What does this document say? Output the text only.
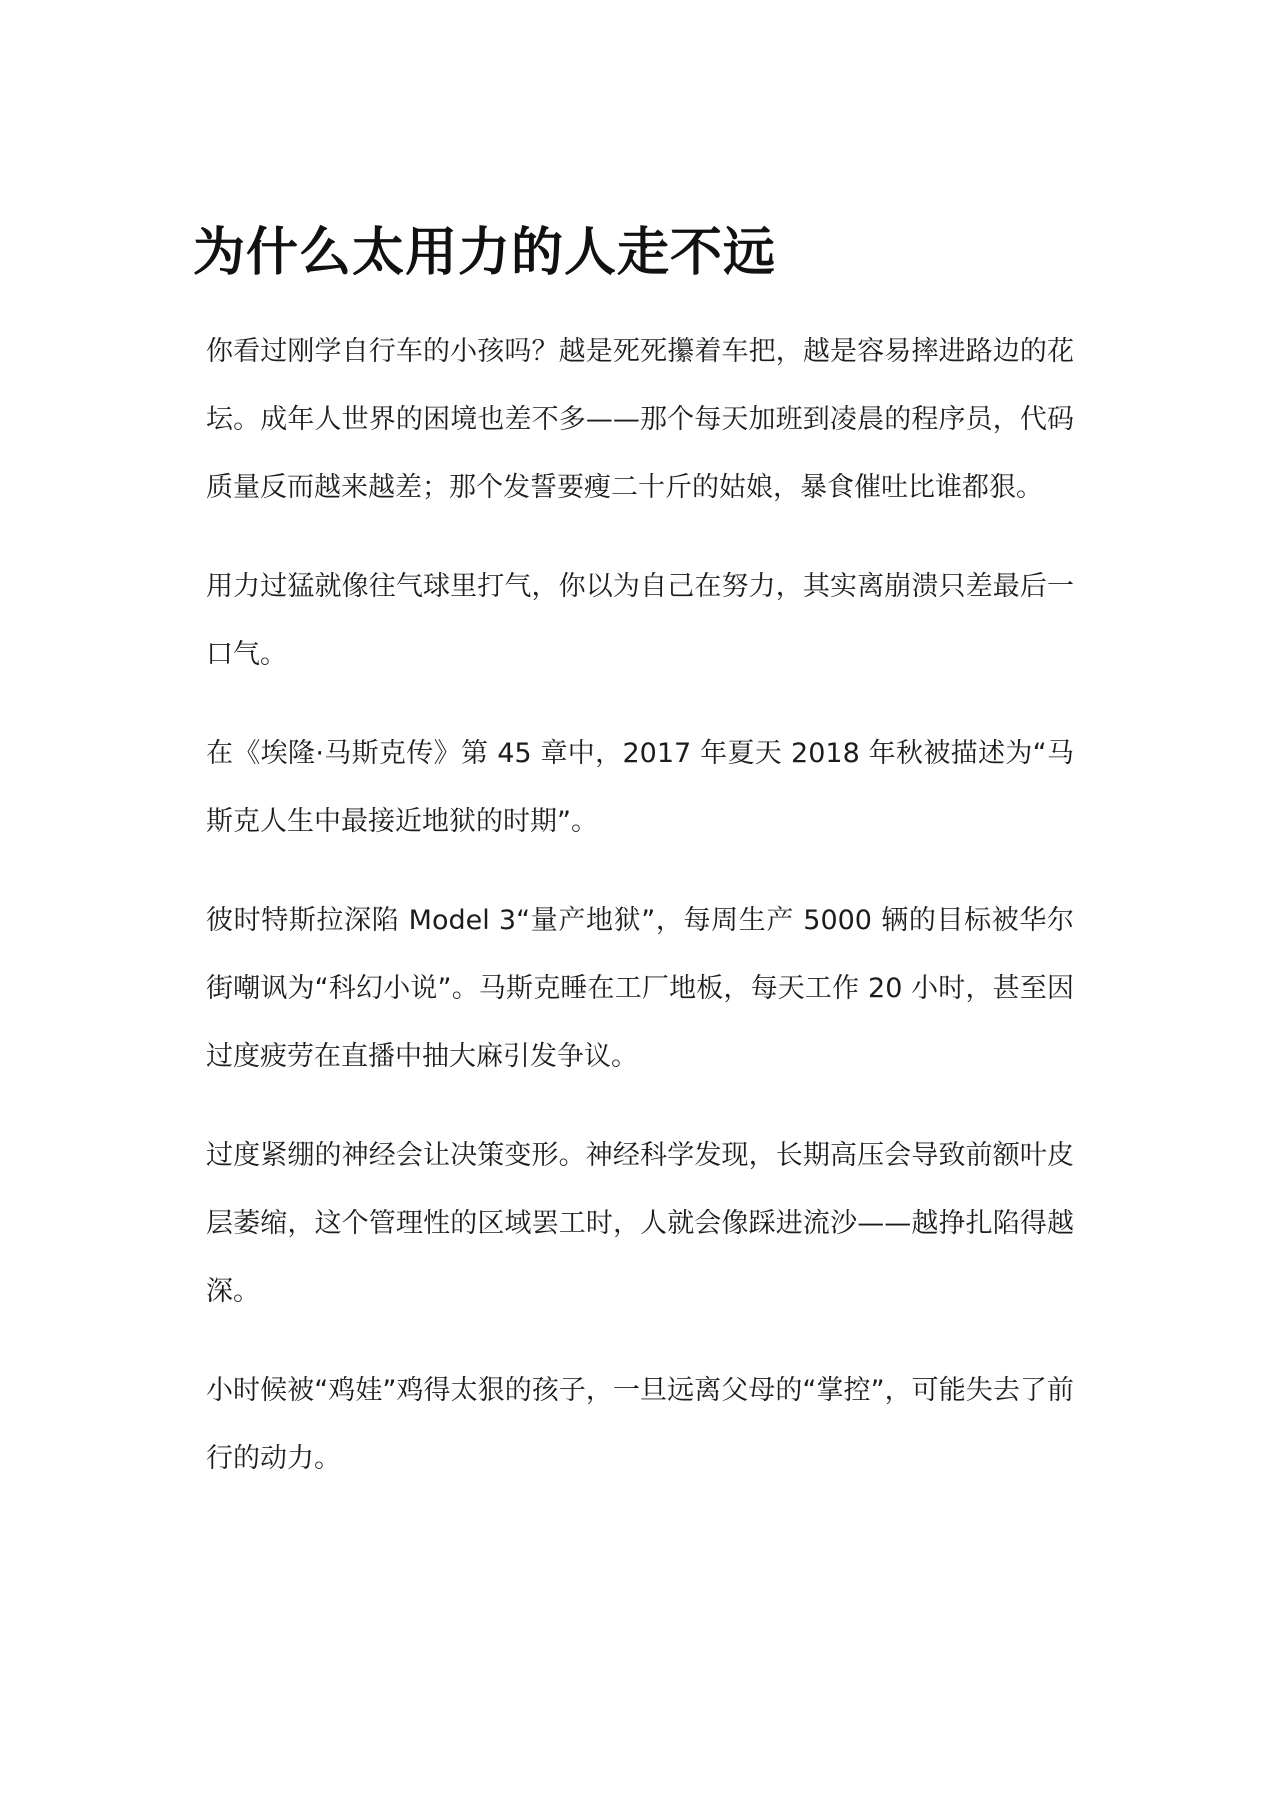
为什么太用力的人走不远

你看过刚学自行车的小孩吗？越是死死攥着车把，越是容易摔进路边的花坛。成年人世界的困境也差不多——那个每天加班到凌晨的程序员，代码质量反而越来越差；那个发誓要瘦二十斤的姑娘，暴食催吐比谁都狠。

用力过猛就像往气球里打气，你以为自己在努力，其实离崩溃只差最后一口气。

在《埃隆·马斯克传》第 45 章中，2017 年夏天 2018 年秋被描述为“马斯克人生中最接近地狱的时期”。

彼时特斯拉深陷 Model 3“量产地狱”，每周生产 5000 辆的目标被华尔街嘲讽为“科幻小说”。马斯克睡在工厂地板，每天工作 20 小时，甚至因过度疲劳在直播中抽大麻引发争议。

过度紧绷的神经会让决策变形。神经科学发现，长期高压会导致前额叶皮层萎缩，这个管理性的区域罢工时，人就会像踩进流沙——越挣扎陷得越深。

小时候被“鸡娃”鸡得太狠的孩子，一旦远离父母的“掌控”，可能失去了前行的动力。
